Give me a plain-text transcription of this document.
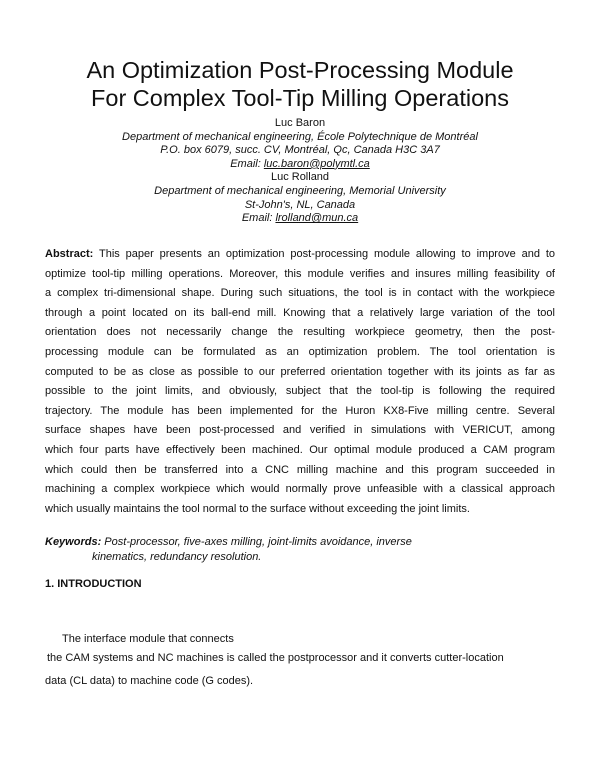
An Optimization Post-Processing Module
For Complex Tool-Tip Milling Operations
Luc Baron
Department of mechanical engineering, École Polytechnique de Montréal
P.O. box 6079, succ. CV, Montréal, Qc, Canada H3C 3A7
Email: luc.baron@polymtl.ca
Luc Rolland
Department of mechanical engineering, Memorial University
St-John's, NL, Canada
Email: lrolland@mun.ca
Abstract: This paper presents an optimization post-processing module allowing to improve and to
optimize tool-tip milling operations. Moreover, this module verifies and insures milling feasibility of
a complex tri-dimensional shape. During such situations, the tool is in contact with the workpiece
through a point located on its ball-end mill. Knowing that a relatively large variation of the tool
orientation does not necessarily change the resulting workpiece geometry, then the post-
processing module can be formulated as an optimization problem. The tool orientation is
computed to be as close as possible to our preferred orientation together with its joints as far as
possible to the joint limits, and obviously, subject that the tool-tip is following the required
trajectory. The module has been implemented for the Huron KX8-Five milling centre. Several
surface shapes have been post-processed and verified in simulations with VERICUT, among
which four parts have effectively been machined. Our optimal module produced a CAM program
which could then be transferred into a CNC milling machine and this program succeeded in
machining a complex workpiece which would normally prove unfeasible with a classical approach
which usually maintains the tool normal to the surface without exceeding the joint limits.
Keywords: Post-processor, five-axes milling, joint-limits avoidance, inverse
kinematics, redundancy resolution.
1. INTRODUCTION
The interface module that connects
the CAM systems and NC machines is called the postprocessor and it converts cutter-location
data (CL data) to machine code (G codes).
